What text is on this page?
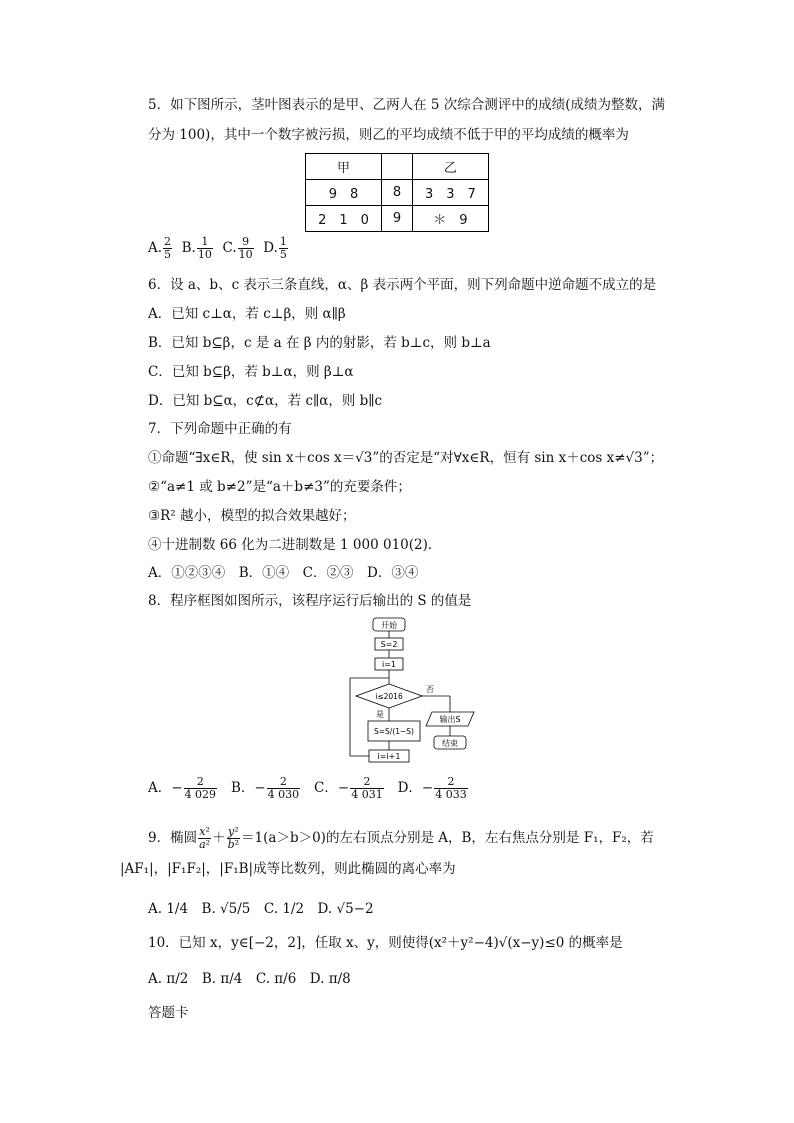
5．如下图所示，茎叶图表示的是甲、乙两人在 5 次综合测评中的成绩(成绩为整数，满
分为 100)，其中一个数字被污损，则乙的平均成绩不低于甲的平均成绩的概率为
甲		乙
9　8	8	3　3　7
2　1　0	9	＊　9
A. $\frac{2}{5} B$. $\frac{1}{10} C$. $\frac{9}{10} D$. $\frac{1}{5}$
6．设 a、b、c 表示三条直线，α、β 表示两个平面，则下列命题中逆命题不成立的是
A．已知 c⊥α，若 c⊥β，则 α∥β
B．已知 b⊆β，c 是 a 在 β 内的射影，若 b⊥c，则 b⊥a
C．已知 b⊆β，若 b⊥α，则 β⊥α
D．已知 b⊆α，c⊄α，若 c∥α，则 b∥c
7．下列命题中正确的有
①命题“∃x∈R，使 sin x＋cos x＝√3”的否定是“对∀x∈R，恒有 sin x＋cos x≠√3”；
②“a≠1 或 b≠2”是“a＋b≠3”的充要条件；
③R² 越小，模型的拟合效果越好；
④十进制数 66 化为二进制数是 1 000 010(2)．
A．①②③④　B．①④　C．②③　D．③④
8．程序框图如图所示，该程序运行后输出的 S 的值是
开始
S=2
i=1
i≤2016
否
输出S
结束
是
S=S/(1−S)
i=i+1
A．− $\frac{2}{4 029}$ B．− $\frac{2}{4 030}$ C．− $\frac{2}{4 031}$ D．− $\frac{2}{4 033}$
9．椭圆 $\frac{\text{x²}}{\text{a²}} + \frac{\text{y²}}{\text{b²}} =1(a>b>0)$的左右顶点分别是 A，B，左右焦点分别是 F₁，F₂，若
|AF₁|，|F₁F₂|，|F₁B|成等比数列，则此椭圆的离心率为
A. 1/4　B. √5/5　C. 1/2　D. √5−2
10．已知 x，y∈[−2，2]，任取 x、y，则使得(x²＋y²−4)√(x−y)≤0 的概率是
A. π/2　B. π/4　C. π/6　D. π/8
答题卡
